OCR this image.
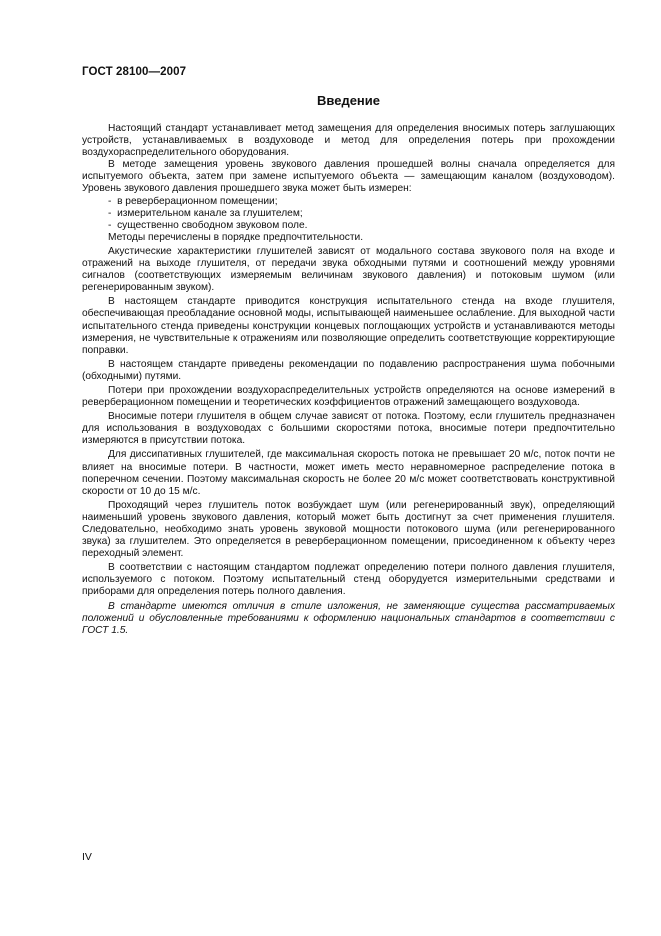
ГОСТ 28100—2007
Введение

Настоящий стандарт устанавливает метод замещения для определения вносимых потерь заглушающих устройств, устанавливаемых в воздуховоде и метод для определения потерь при прохождении воздухораспределительного оборудования.

В методе замещения уровень звукового давления прошедшей волны сначала определяется для испытуемого объекта, затем при замене испытуемого объекта — замещающим каналом (воздуховодом). Уровень звукового давления прошедшего звука может быть измерен:

-  в реверберационном помещении;
-  измерительном канале за глушителем;
-  существенно свободном звуковом поле.

Методы перечислены в порядке предпочтительности.

Акустические характеристики глушителей зависят от модального состава звукового поля на входе и отражений на выходе глушителя, от передачи звука обходными путями и соотношений между уровнями сигналов (соответствующих измеряемым величинам звукового давления) и потоковым шумом (или регенерированным звуком).

В настоящем стандарте приводится конструкция испытательного стенда на входе глушителя, обеспечивающая преобладание основной моды, испытывающей наименьшее ослабление. Для выходной части испытательного стенда приведены конструкции концевых поглощающих устройств и устанавливаются методы измерения, не чувствительные к отражениям или позволяющие определить соответствующие корректирующие поправки.

В настоящем стандарте приведены рекомендации по подавлению распространения шума побочными (обходными) путями.

Потери при прохождении воздухораспределительных устройств определяются на основе измерений в реверберационном помещении и теоретических коэффициентов отражений замещающего воздуховода.

Вносимые потери глушителя в общем случае зависят от потока. Поэтому, если глушитель предназначен для использования в воздуховодах с большими скоростями потока, вносимые потери предпочтительно измеряются в присутствии потока.

Для диссипативных глушителей, где максимальная скорость потока не превышает 20 м/с, поток почти не влияет на вносимые потери. В частности, может иметь место неравномерное распределение потока в поперечном сечении. Поэтому максимальная скорость не более 20 м/с может соответствовать конструктивной скорости от 10 до 15 м/с.

Проходящий через глушитель поток возбуждает шум (или регенерированный звук), определяющий наименьший уровень звукового давления, который может быть достигнут за счет применения глушителя. Следовательно, необходимо знать уровень звуковой мощности потокового шума (или регенерированного звука) за глушителем. Это определяется в реверберационном помещении, присоединенном к объекту через переходный элемент.

В соответствии с настоящим стандартом подлежат определению потери полного давления глушителя, используемого с потоком. Поэтому испытательный стенд оборудуется измерительными средствами и приборами для определения потерь полного давления.

В стандарте имеются отличия в стиле изложения, не заменяющие существа рассматриваемых положений и обусловленные требованиями к оформлению национальных стандартов в соответствии с ГОСТ 1.5.

IV
